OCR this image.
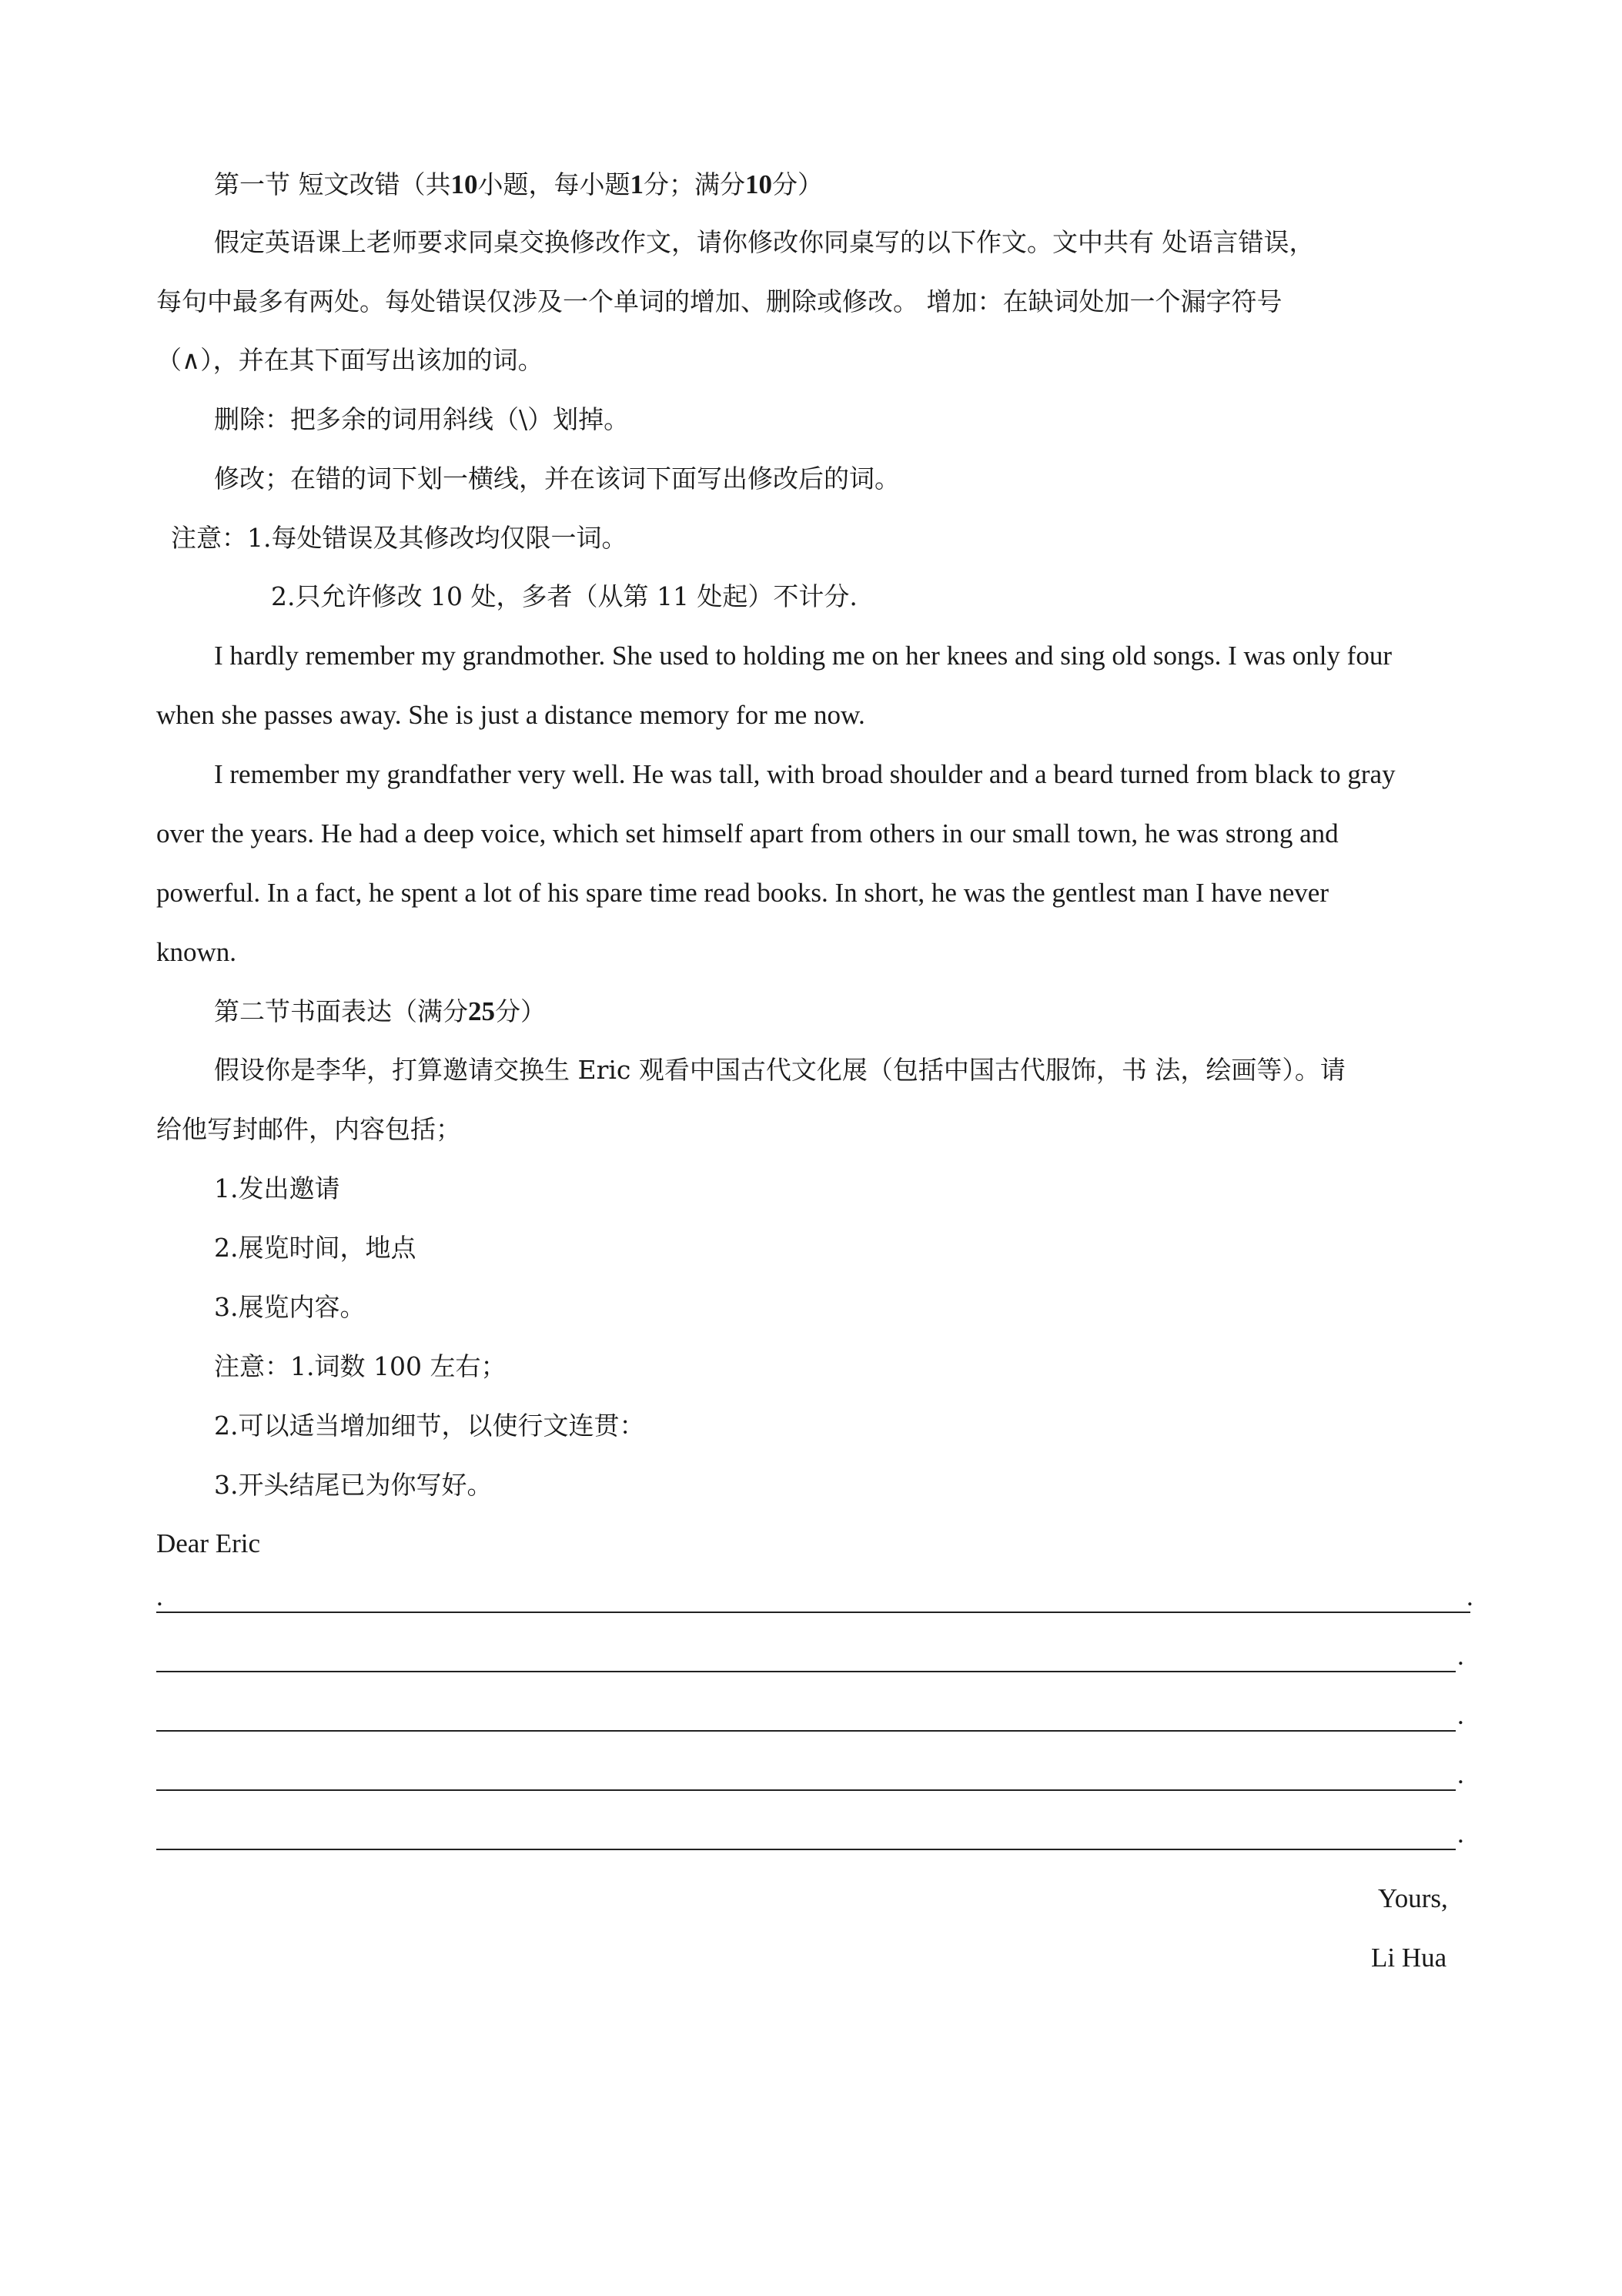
第一节 短文改错（共10小题，每小题1分；满分10分）
假定英语课上老师要求同桌交换修改作文，请你修改你同桌写的以下作文。文中共有 处语言错误，
每句中最多有两处。每处错误仅涉及一个单词的增加、删除或修改。 增加：在缺词处加一个漏字符号
（∧），并在其下面写出该加的词。
删除：把多余的词用斜线（\）划掉。
修改；在错的词下划一横线，并在该词下面写出修改后的词。
注意：1.每处错误及其修改均仅限一词。
2.只允许修改 10 处，多者（从第 11 处起）不计分.
I hardly remember my grandmother. She used to holding me on her knees and sing old songs. I was only four
when she passes away. She is just a distance memory for me now.
I remember my grandfather very well. He was tall, with broad shoulder and a beard turned from black to gray
over the years. He had a deep voice, which set himself apart from others in our small town, he was strong and
powerful. In a fact, he spent a lot of his spare time read books. In short, he was the gentlest man I have never
known.
第二节书面表达（满分25分）
假设你是李华，打算邀请交换生 Eric 观看中国古代文化展（包括中国古代服饰，书 法，绘画等）。请
给他写封邮件，内容包括；
1.发出邀请
2.展览时间，地点
3.展览内容。
注意：1.词数 100 左右；
2.可以适当增加细节，以使行文连贯：
3.开头结尾已为你写好。
Dear Eric
.	.
.
.
.
.
Yours,
Li Hua
